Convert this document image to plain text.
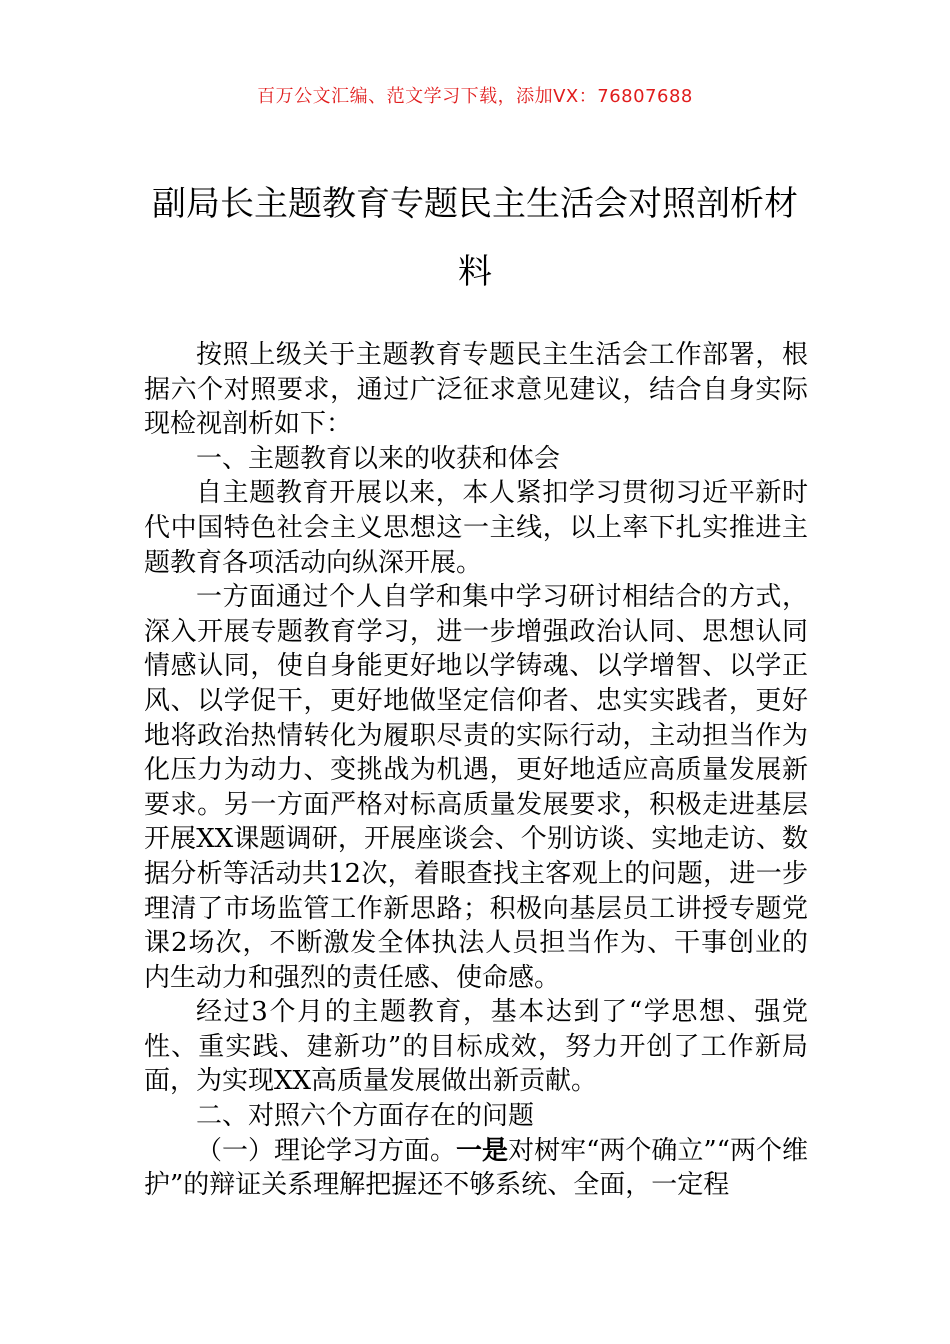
百万公文汇编、范文学习下载，添加VX：76807688
副局长主题教育专题民主生活会对照剖析材料

按照上级关于主题教育专题民主生活会工作部署，根据六个对照要求，通过广泛征求意见建议，结合自身实际现检视剖析如下：

一、主题教育以来的收获和体会

自主题教育开展以来，本人紧扣学习贯彻习近平新时代中国特色社会主义思想这一主线，以上率下扎实推进主题教育各项活动向纵深开展。

一方面通过个人自学和集中学习研讨相结合的方式，深入开展专题教育学习，进一步增强政治认同、思想认同情感认同，使自身能更好地以学铸魂、以学增智、以学正风、以学促干，更好地做坚定信仰者、忠实实践者，更好地将政治热情转化为履职尽责的实际行动，主动担当作为化压力为动力、变挑战为机遇，更好地适应高质量发展新要求。另一方面严格对标高质量发展要求，积极走进基层开展XX课题调研，开展座谈会、个别访谈、实地走访、数据分析等活动共12次，着眼查找主客观上的问题，进一步理清了市场监管工作新思路；积极向基层员工讲授专题党课2场次，不断激发全体执法人员担当作为、干事创业的内生动力和强烈的责任感、使命感。

经过3个月的主题教育，基本达到了“学思想、强党性、重实践、建新功”的目标成效，努力开创了工作新局面，为实现XX高质量发展做出新贡献。

二、对照六个方面存在的问题

（一）理论学习方面。一是对树牢“两个确立”“两个维护”的辩证关系理解把握还不够系统、全面，一定程
